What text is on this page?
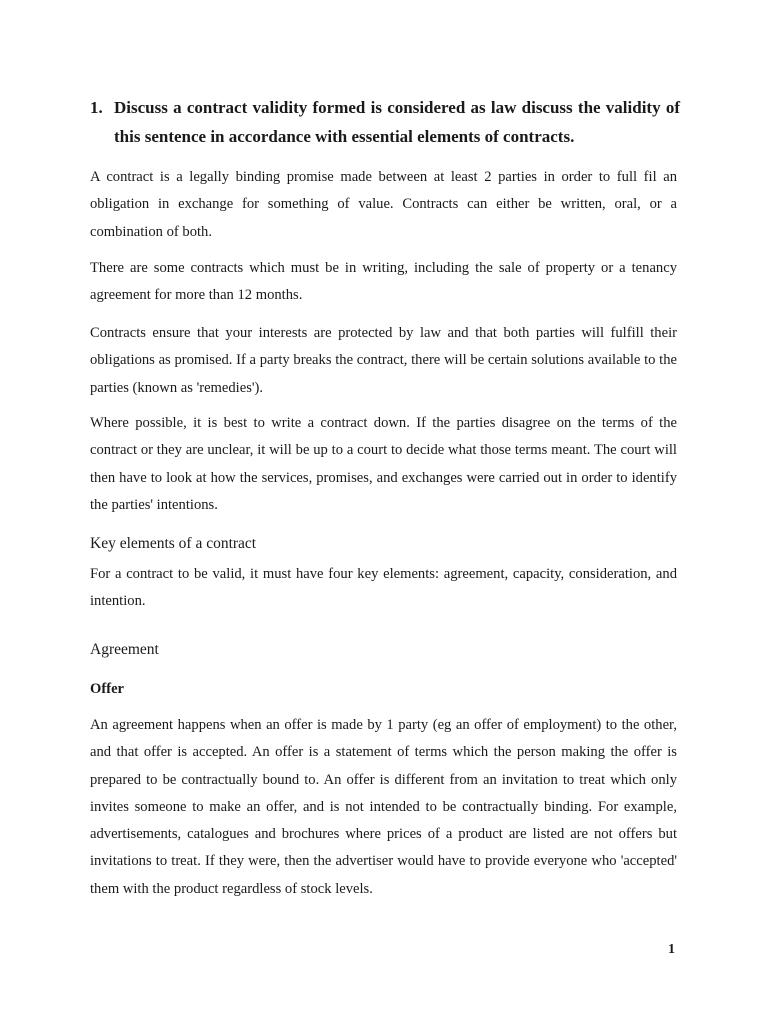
1. Discuss a contract validity formed is considered as law discuss the validity of this sentence in accordance with essential elements of contracts.

A contract is a legally binding promise made between at least 2 parties in order to full fil an obligation in exchange for something of value. Contracts can either be written, oral, or a combination of both.

There are some contracts which must be in writing, including the sale of property or a tenancy agreement for more than 12 months.

Contracts ensure that your interests are protected by law and that both parties will fulfill their obligations as promised. If a party breaks the contract, there will be certain solutions available to the parties (known as 'remedies').

Where possible, it is best to write a contract down. If the parties disagree on the terms of the contract or they are unclear, it will be up to a court to decide what those terms meant. The court will then have to look at how the services, promises, and exchanges were carried out in order to identify the parties' intentions.

Key elements of a contract

For a contract to be valid, it must have four key elements: agreement, capacity, consideration, and intention.

Agreement

Offer

An agreement happens when an offer is made by 1 party (eg an offer of employment) to the other, and that offer is accepted. An offer is a statement of terms which the person making the offer is prepared to be contractually bound to. An offer is different from an invitation to treat which only invites someone to make an offer, and is not intended to be contractually binding. For example, advertisements, catalogues and brochures where prices of a product are listed are not offers but invitations to treat. If they were, then the advertiser would have to provide everyone who 'accepted' them with the product regardless of stock levels.

1
